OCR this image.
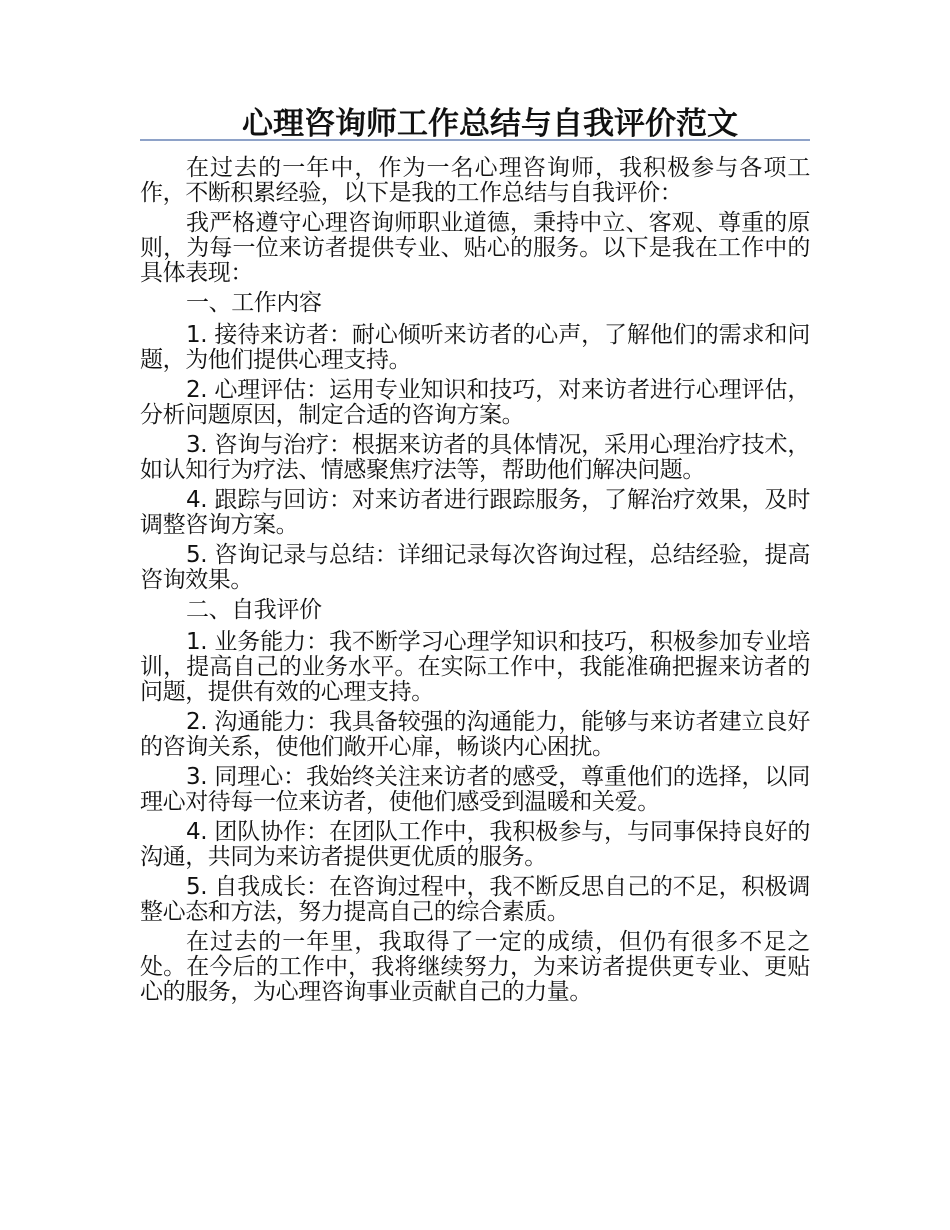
心理咨询师工作总结与自我评价范文

在过去的一年中，作为一名心理咨询师，我积极参与各项工作，不断积累经验，以下是我的工作总结与自我评价：

我严格遵守心理咨询师职业道德，秉持中立、客观、尊重的原则，为每一位来访者提供专业、贴心的服务。以下是我在工作中的具体表现：

一、工作内容

1. 接待来访者：耐心倾听来访者的心声，了解他们的需求和问题，为他们提供心理支持。

2. 心理评估：运用专业知识和技巧，对来访者进行心理评估，分析问题原因，制定合适的咨询方案。

3. 咨询与治疗：根据来访者的具体情况，采用心理治疗技术，如认知行为疗法、情感聚焦疗法等，帮助他们解决问题。

4. 跟踪与回访：对来访者进行跟踪服务，了解治疗效果，及时调整咨询方案。

5. 咨询记录与总结：详细记录每次咨询过程，总结经验，提高咨询效果。

二、自我评价

1. 业务能力：我不断学习心理学知识和技巧，积极参加专业培训，提高自己的业务水平。在实际工作中，我能准确把握来访者的问题，提供有效的心理支持。

2. 沟通能力：我具备较强的沟通能力，能够与来访者建立良好的咨询关系，使他们敞开心扉，畅谈内心困扰。

3. 同理心：我始终关注来访者的感受，尊重他们的选择，以同理心对待每一位来访者，使他们感受到温暖和关爱。

4. 团队协作：在团队工作中，我积极参与，与同事保持良好的沟通，共同为来访者提供更优质的服务。

5. 自我成长：在咨询过程中，我不断反思自己的不足，积极调整心态和方法，努力提高自己的综合素质。

在过去的一年里，我取得了一定的成绩，但仍有很多不足之处。在今后的工作中，我将继续努力，为来访者提供更专业、更贴心的服务，为心理咨询事业贡献自己的力量。
